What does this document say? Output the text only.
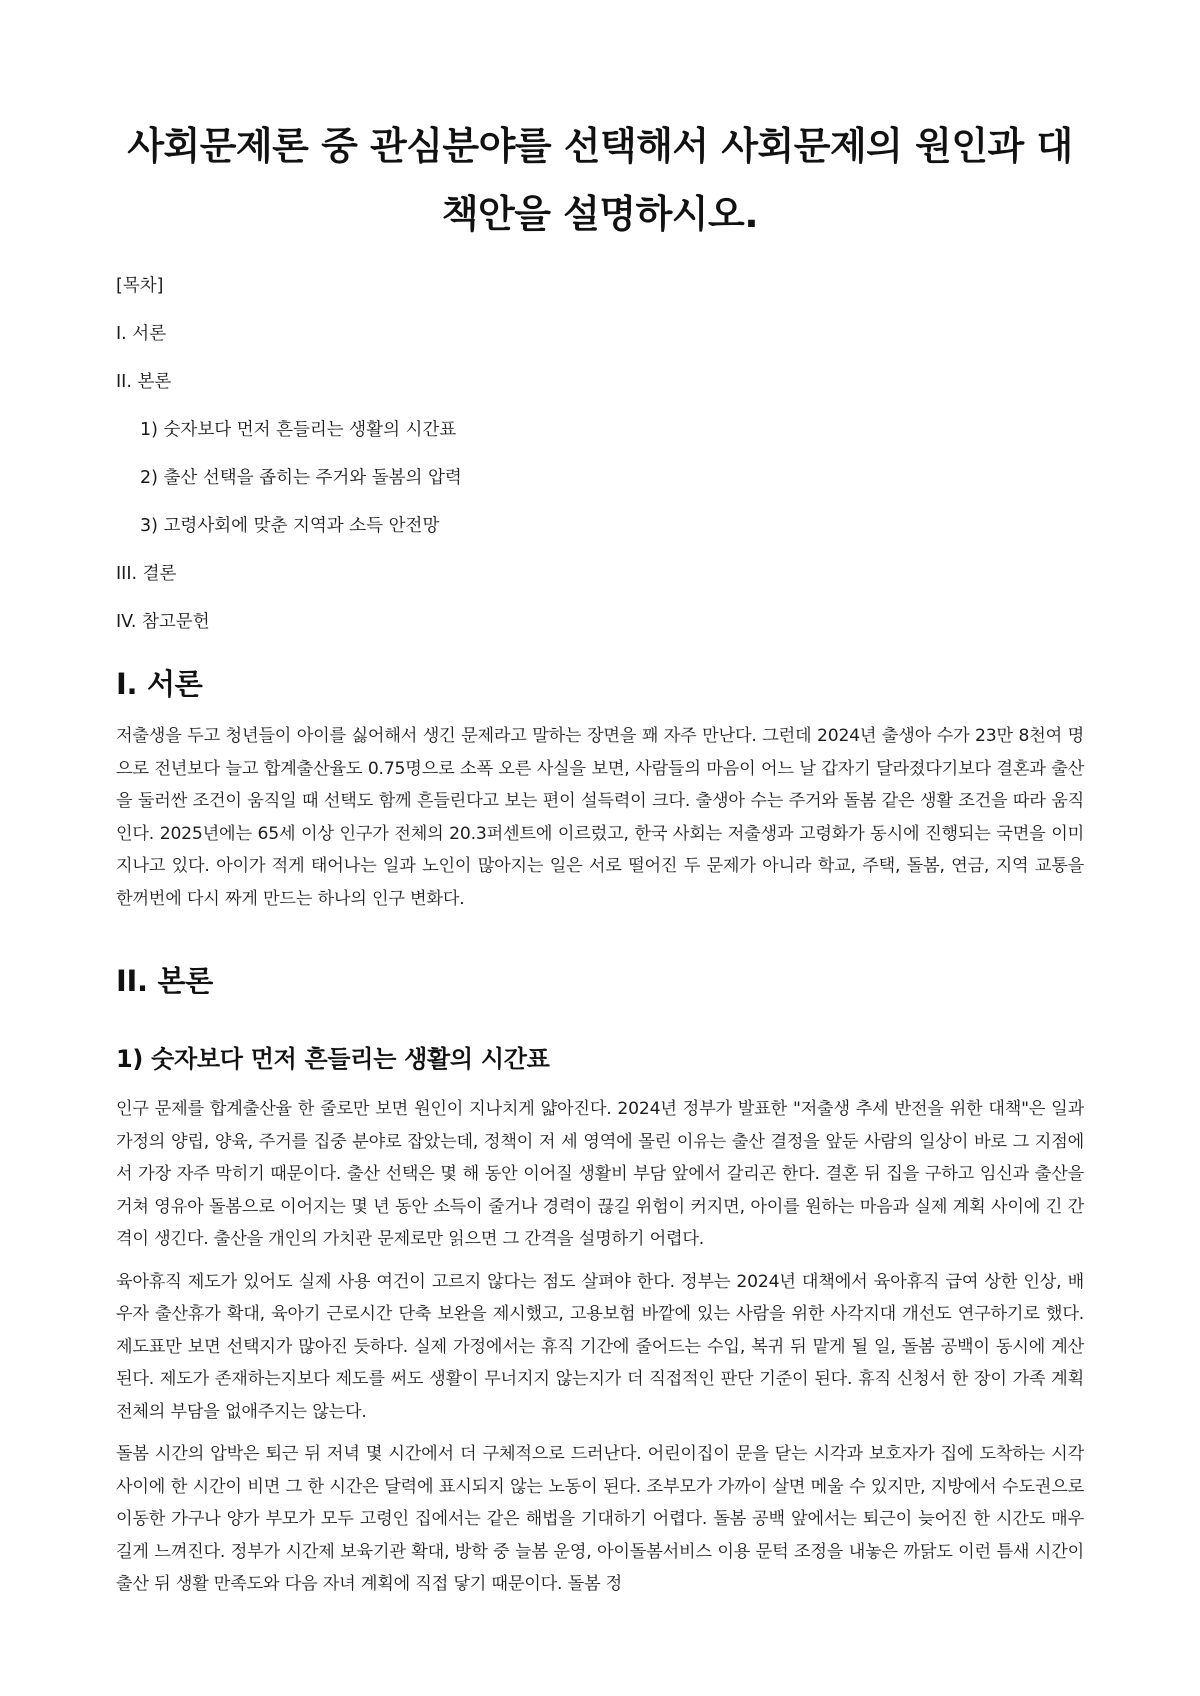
사회문제론 중 관심분야를 선택해서 사회문제의 원인과 대책안을 설명하시오.
[목차]
I. 서론
II. 본론
1) 숫자보다 먼저 흔들리는 생활의 시간표
2) 출산 선택을 좁히는 주거와 돌봄의 압력
3) 고령사회에 맞춘 지역과 소득 안전망
III. 결론
IV. 참고문헌
I. 서론

저출생을 두고 청년들이 아이를 싫어해서 생긴 문제라고 말하는 장면을 꽤 자주 만난다. 그런데 2024년 출생아 수가 23만 8천여 명으로 전년보다 늘고 합계출산율도 0.75명으로 소폭 오른 사실을 보면, 사람들의 마음이 어느 날 갑자기 달라졌다기보다 결혼과 출산을 둘러싼 조건이 움직일 때 선택도 함께 흔들린다고 보는 편이 설득력이 크다. 출생아 수는 주거와 돌봄 같은 생활 조건을 따라 움직인다. 2025년에는 65세 이상 인구가 전체의 20.3퍼센트에 이르렀고, 한국 사회는 저출생과 고령화가 동시에 진행되는 국면을 이미 지나고 있다. 아이가 적게 태어나는 일과 노인이 많아지는 일은 서로 떨어진 두 문제가 아니라 학교, 주택, 돌봄, 연금, 지역 교통을 한꺼번에 다시 짜게 만드는 하나의 인구 변화다.

II. 본론
1) 숫자보다 먼저 흔들리는 생활의 시간표

인구 문제를 합계출산율 한 줄로만 보면 원인이 지나치게 얇아진다. 2024년 정부가 발표한 "저출생 추세 반전을 위한 대책"은 일과 가정의 양립, 양육, 주거를 집중 분야로 잡았는데, 정책이 저 세 영역에 몰린 이유는 출산 결정을 앞둔 사람의 일상이 바로 그 지점에서 가장 자주 막히기 때문이다. 출산 선택은 몇 해 동안 이어질 생활비 부담 앞에서 갈리곤 한다. 결혼 뒤 집을 구하고 임신과 출산을 거쳐 영유아 돌봄으로 이어지는 몇 년 동안 소득이 줄거나 경력이 끊길 위험이 커지면, 아이를 원하는 마음과 실제 계획 사이에 긴 간격이 생긴다. 출산을 개인의 가치관 문제로만 읽으면 그 간격을 설명하기 어렵다.

육아휴직 제도가 있어도 실제 사용 여건이 고르지 않다는 점도 살펴야 한다. 정부는 2024년 대책에서 육아휴직 급여 상한 인상, 배우자 출산휴가 확대, 육아기 근로시간 단축 보완을 제시했고, 고용보험 바깥에 있는 사람을 위한 사각지대 개선도 연구하기로 했다. 제도표만 보면 선택지가 많아진 듯하다. 실제 가정에서는 휴직 기간에 줄어드는 수입, 복귀 뒤 맡게 될 일, 돌봄 공백이 동시에 계산된다. 제도가 존재하는지보다 제도를 써도 생활이 무너지지 않는지가 더 직접적인 판단 기준이 된다. 휴직 신청서 한 장이 가족 계획 전체의 부담을 없애주지는 않는다.

돌봄 시간의 압박은 퇴근 뒤 저녁 몇 시간에서 더 구체적으로 드러난다. 어린이집이 문을 닫는 시각과 보호자가 집에 도착하는 시각 사이에 한 시간이 비면 그 한 시간은 달력에 표시되지 않는 노동이 된다. 조부모가 가까이 살면 메울 수 있지만, 지방에서 수도권으로 이동한 가구나 양가 부모가 모두 고령인 집에서는 같은 해법을 기대하기 어렵다. 돌봄 공백 앞에서는 퇴근이 늦어진 한 시간도 매우 길게 느껴진다. 정부가 시간제 보육기관 확대, 방학 중 늘봄 운영, 아이돌봄서비스 이용 문턱 조정을 내놓은 까닭도 이런 틈새 시간이 출산 뒤 생활 만족도와 다음 자녀 계획에 직접 닿기 때문이다. 돌봄 정
